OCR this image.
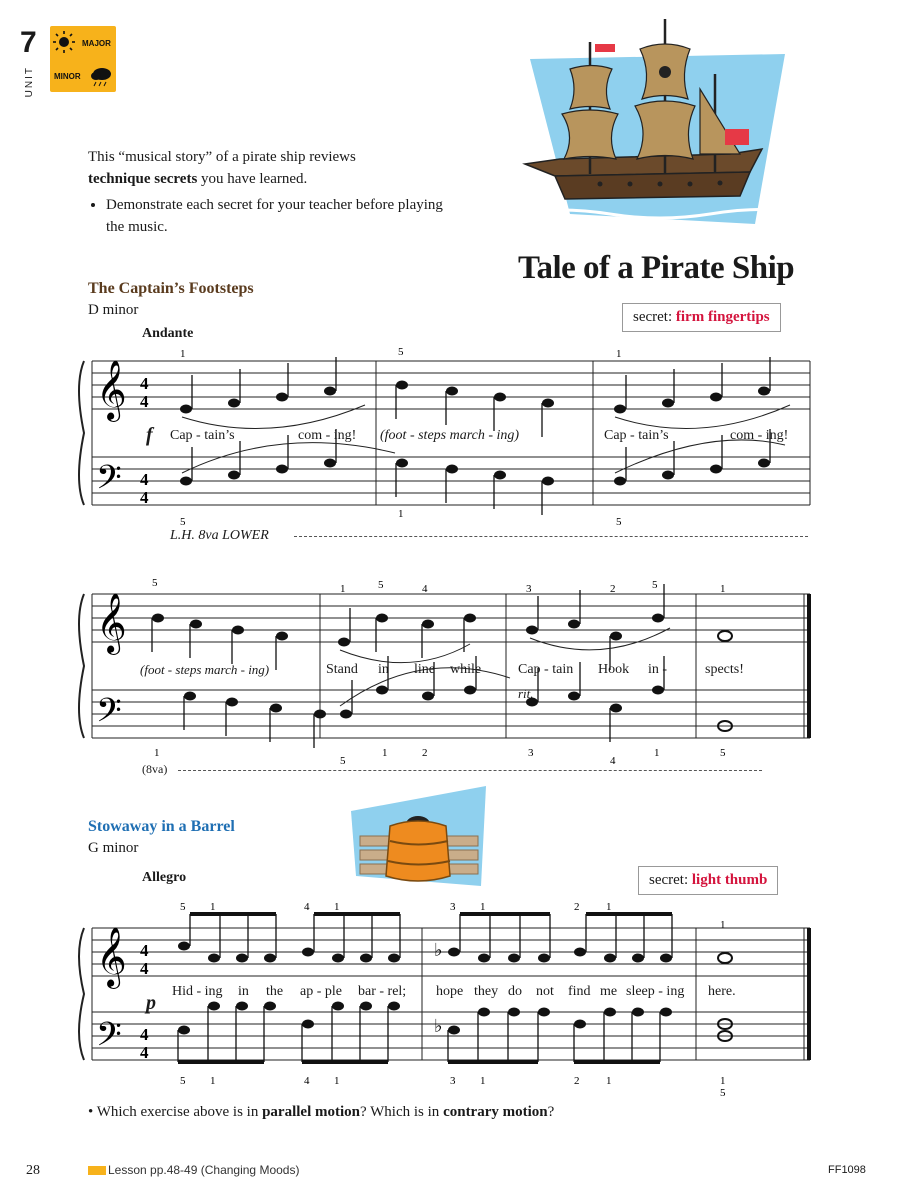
7
UNIT
MAJOR
MINOR
This “musical story” of a pirate ship reviews
technique secrets you have learned.
• Demonstrate each secret for your teacher before playing the music.
Tale of a Pirate Ship
The Captain’s Footsteps
D minor
Andante
secret: firm fingertips
𝄞
𝄢
4
4
4
4
1	5	1
5
1
5
f Cap - tain’s	com - ing! (foot - steps march - ing)	Cap - tain’s	com - ing!
L.H. 8va LOWER
𝄞
𝄢
5	1	5	4	3	2	5	1
1
5
1	2	3
4
1	5
(foot - steps march - ing)	Stand in line while	Cap - tain Hook in -	spects!
rit.
(8va)
Stowaway in a Barrel
G minor
Allegro	secret: light thumb
𝄞
𝄢
4
4
4
4
♭
♭
5 1	4 1	3 1	2 1
1
5 1	4 1	3 1	2 1	1
5
p
Hid - ing in the ap - ple bar - rel; hope they do not find me sleep - ing here.
• Which exercise above is in parallel motion? Which is in contrary motion?
28	Lesson pp.48-49 (Changing Moods)	FF1098
